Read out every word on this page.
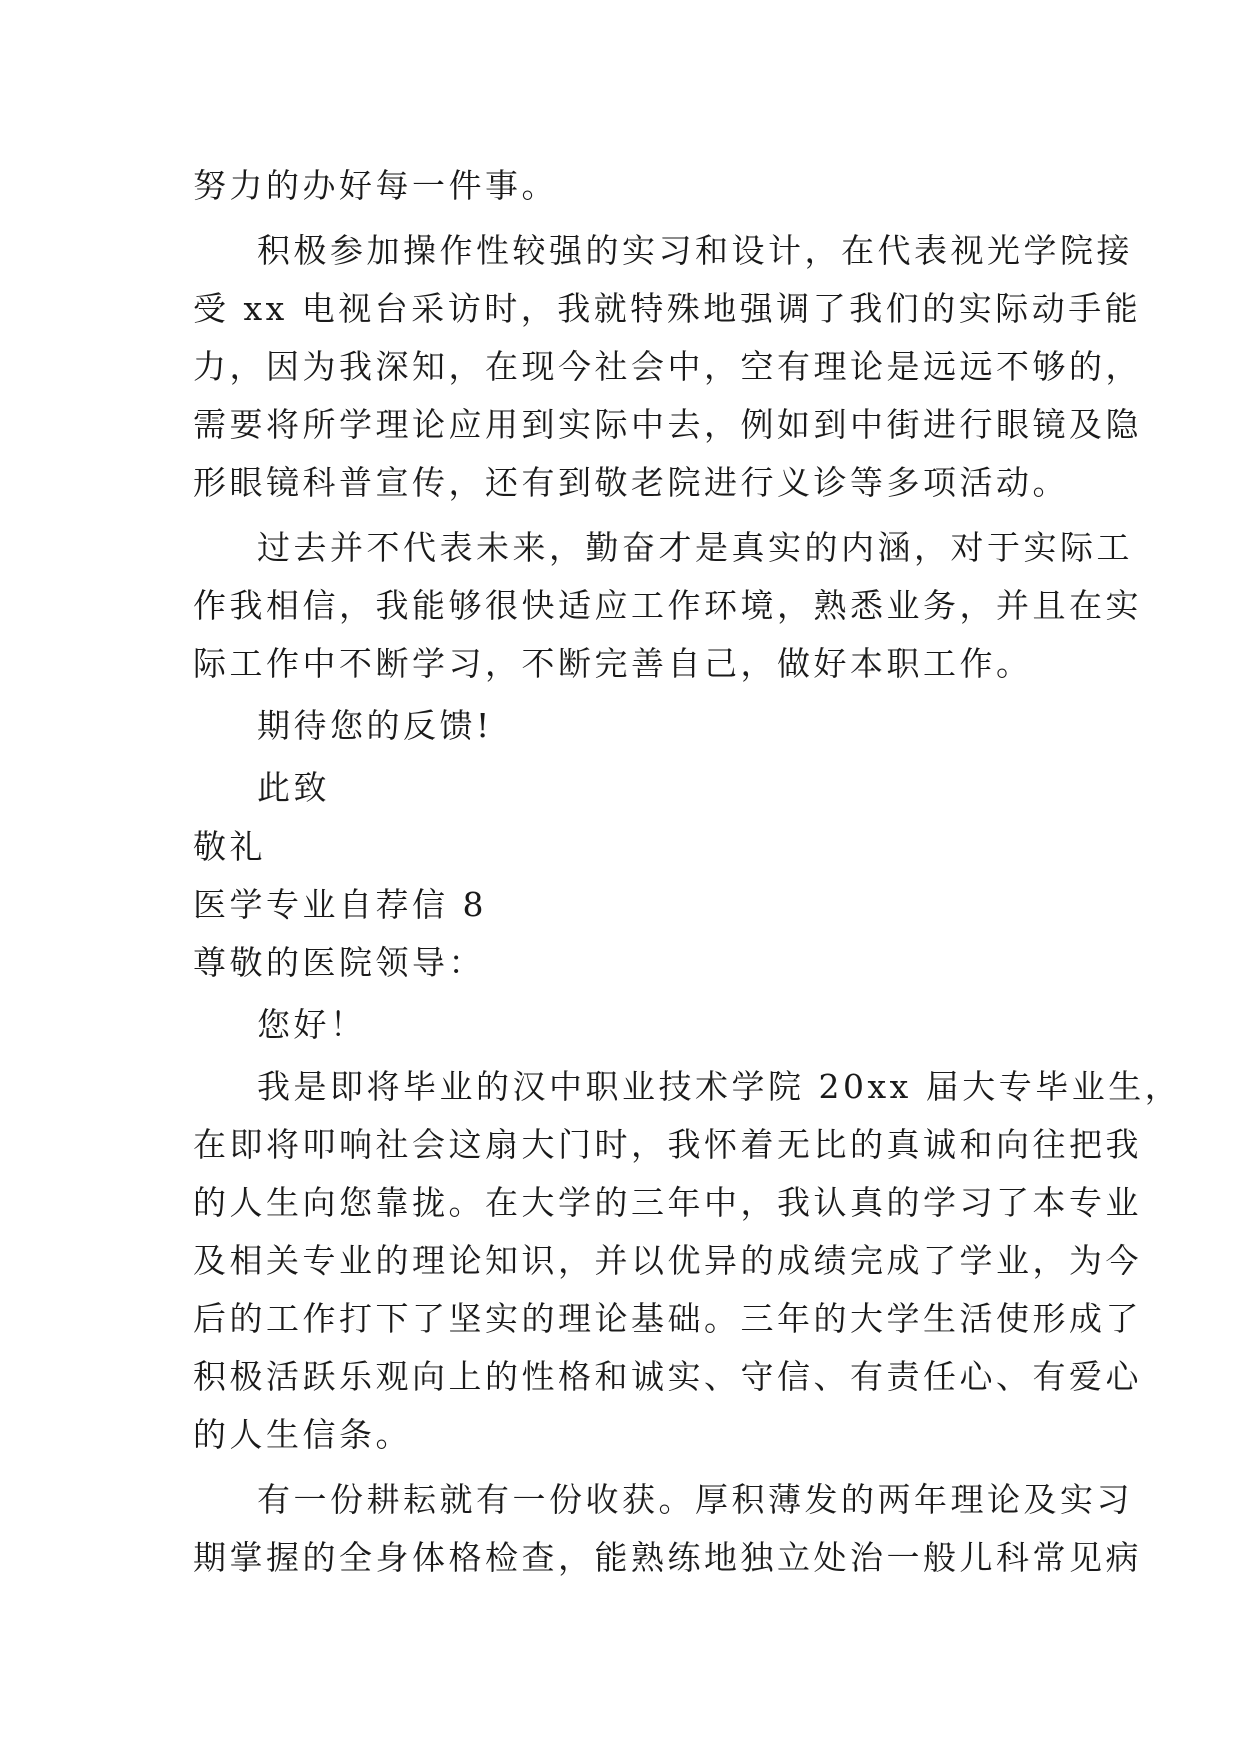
努力的办好每一件事。
积极参加操作性较强的实习和设计，在代表视光学院接
受 xx 电视台采访时，我就特殊地强调了我们的实际动手能
力，因为我深知，在现今社会中，空有理论是远远不够的，
需要将所学理论应用到实际中去，例如到中街进行眼镜及隐
形眼镜科普宣传，还有到敬老院进行义诊等多项活动。
过去并不代表未来，勤奋才是真实的内涵，对于实际工
作我相信，我能够很快适应工作环境，熟悉业务，并且在实
际工作中不断学习，不断完善自己，做好本职工作。
期待您的反馈!
此致
敬礼
医学专业自荐信 8
尊敬的医院领导：
您好！
我是即将毕业的汉中职业技术学院 20xx 届大专毕业生，
在即将叩响社会这扇大门时，我怀着无比的真诚和向往把我
的人生向您靠拢。在大学的三年中，我认真的学习了本专业
及相关专业的理论知识，并以优异的成绩完成了学业，为今
后的工作打下了坚实的理论基础。三年的大学生活使形成了
积极活跃乐观向上的性格和诚实、守信、有责任心、有爱心
的人生信条。
有一份耕耘就有一份收获。厚积薄发的两年理论及实习
期掌握的全身体格检查，能熟练地独立处治一般儿科常见病
